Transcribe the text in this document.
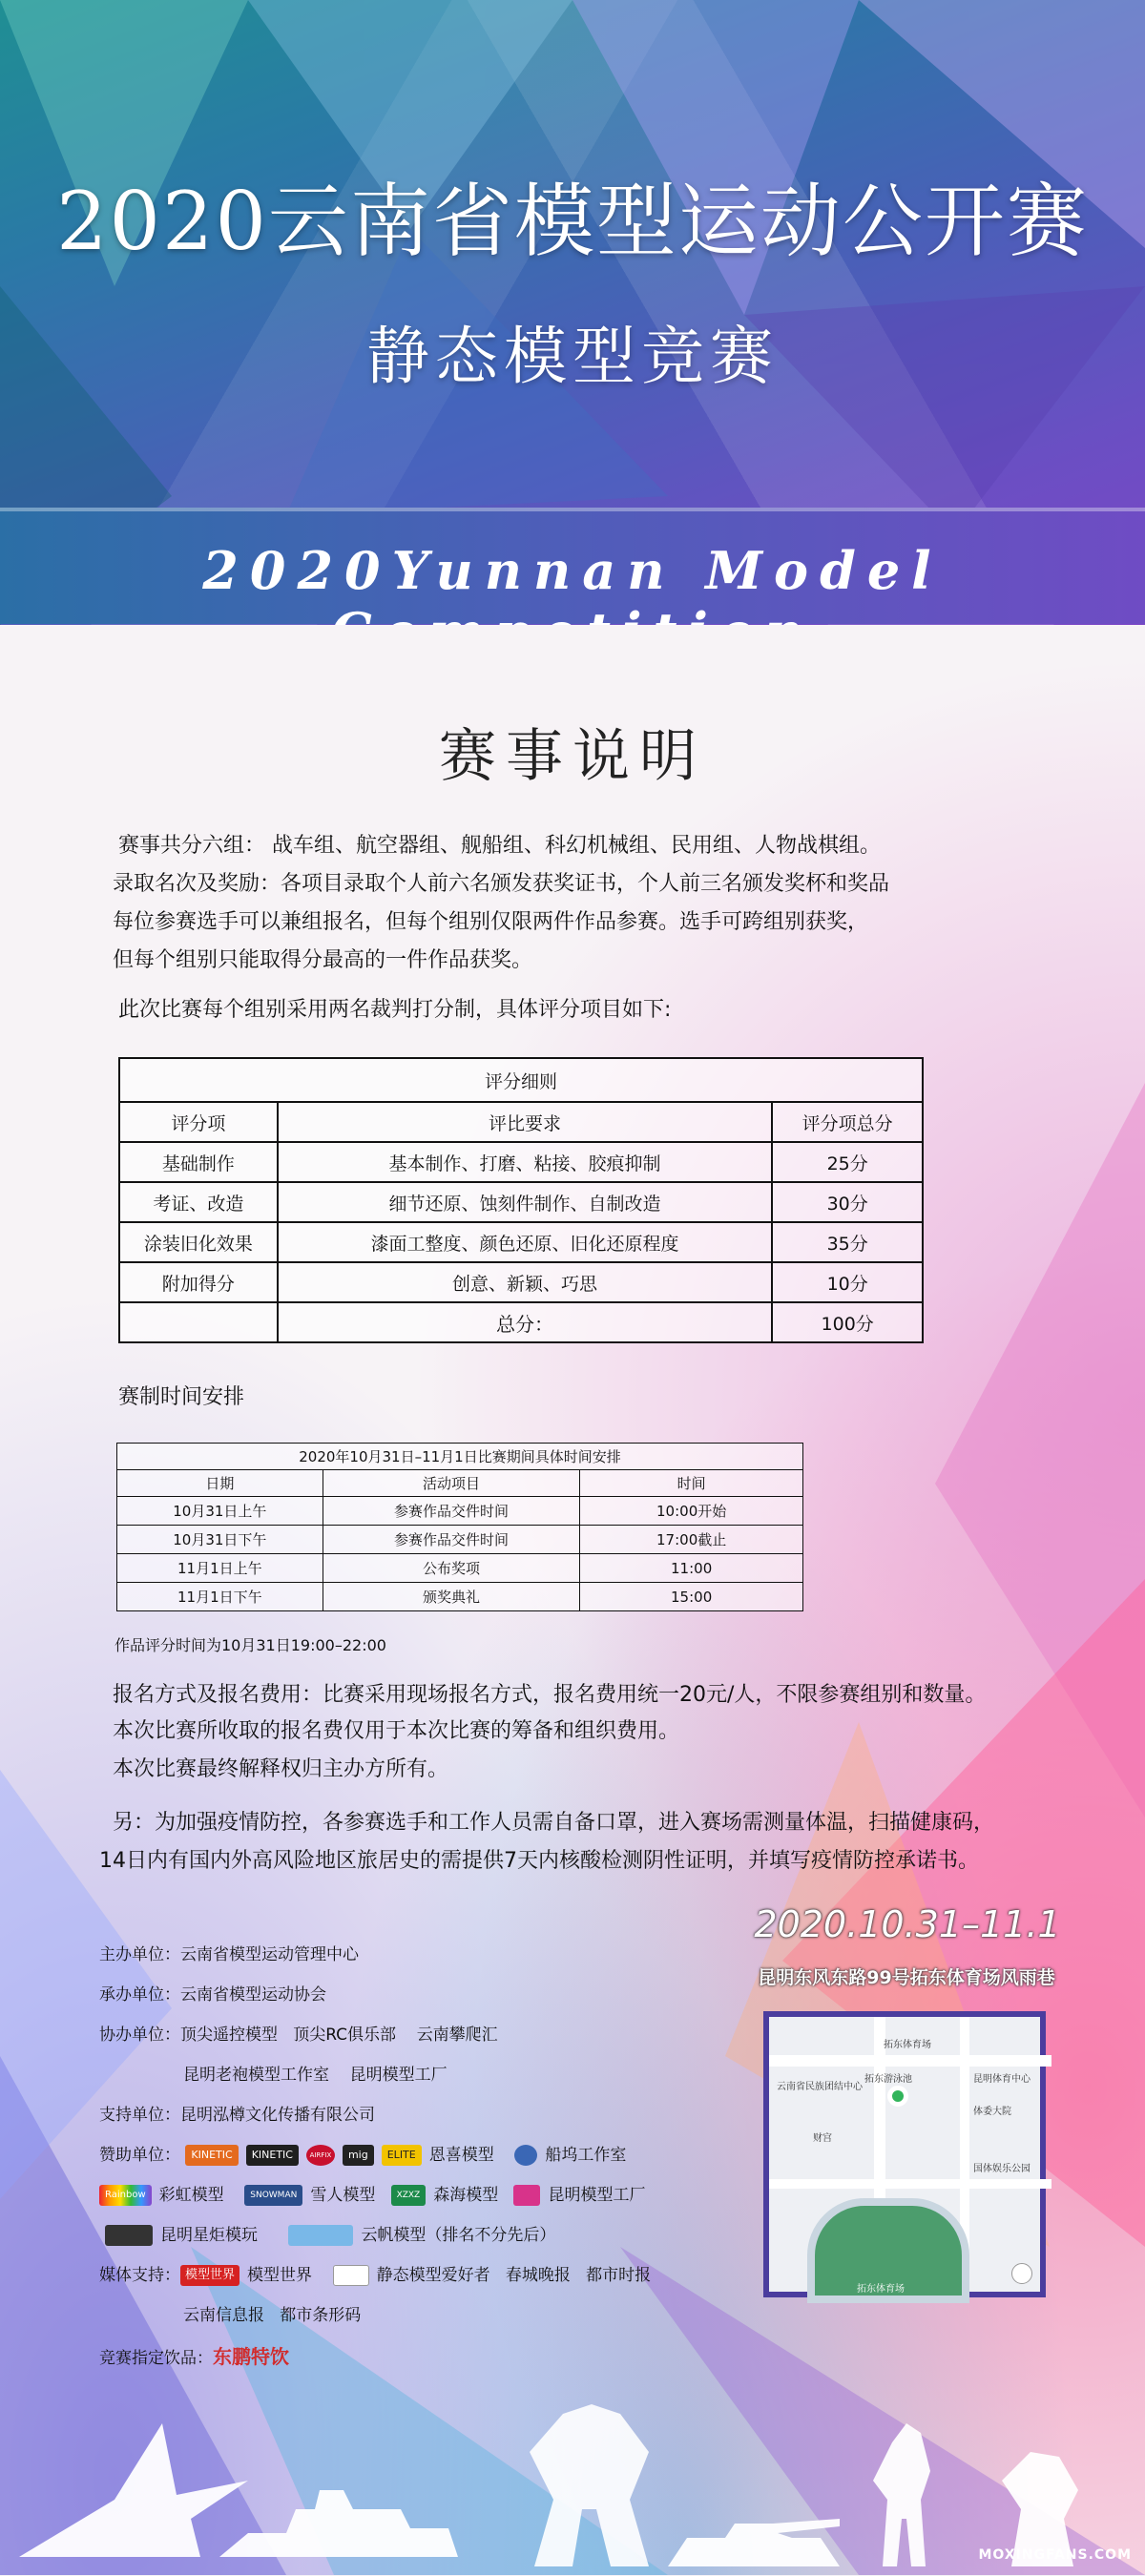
2020云南省模型运动公开赛
静态模型竞赛
2020Yunnan Model
赛事说明
赛事共分六组： 战车组、航空器组、舰船组、科幻机械组、民用组、人物战棋组。
录取名次及奖励：各项目录取个人前六名颁发获奖证书，个人前三名颁发奖杯和奖品
每位参赛选手可以兼组报名，但每个组别仅限两件作品参赛。选手可跨组别获奖，
但每个组别只能取得分最高的一件作品获奖。
此次比赛每个组别采用两名裁判打分制，具体评分项目如下:
评分细则		
评分项	评比要求	评分项总分
基础制作	基本制作、打磨、粘接、胶痕抑制	25分
考证、改造	细节还原、蚀刻件制作、自制改造	30分
涂装旧化效果	漆面工整度、颜色还原、旧化还原程度	35分
附加得分	创意、新颖、巧思	10分
	总分：	100分
赛制时间安排
2020年10月31日–11月1日比赛期间具体时间安排		
日期	活动项目	时间
10月31日上午	参赛作品交件时间	10:00开始
10月31日下午	参赛作品交件时间	17:00截止
11月1日上午	公布奖项	11:00
11月1日下午	颁奖典礼	15:00
作品评分时间为10月31日19:00–22:00
报名方式及报名费用：比赛采用现场报名方式，报名费用统一20元/人，不限参赛组别和数量。
本次比赛所收取的报名费仅用于本次比赛的筹备和组织费用。
本次比赛最终解释权归主办方所有。
另：为加强疫情防控，各参赛选手和工作人员需自备口罩，进入赛场需测量体温，扫描健康码，
14日内有国内外高风险地区旅居史的需提供7天内核酸检测阴性证明，并填写疫情防控承诺书。
主办单位：云南省模型运动管理中心
承办单位：云南省模型运动协会
协办单位：顶尖遥控模型 顶尖RC俱乐部 云南攀爬汇
昆明老袍模型工作室 昆明模型工厂
支持单位：昆明泓樽文化传播有限公司
赞助单位： KINETIC KINETIC	AIRFIX mig ELITE 恩喜模型	船坞工作室
Rainbow 彩虹模型	SNOWMAN 雪人模型 XZXZ 森海模型	昆明模型工厂
昆明星炬模玩	云帆模型（排名不分先后）
媒体支持： 模型世界 模型世界	静态模型爱好者 春城晚报 都市时报
云南信息报 都市条形码
竞赛指定饮品：东鹏特饮
2020.10.31–11.1
昆明东风东路99号拓东体育场风雨巷
拓东体育场
云南省民族团结中心
拓东游泳池	昆明体育中心
体委大院
财宫
国体娱乐公园
拓东体育场
MOXINGFANS.COM
